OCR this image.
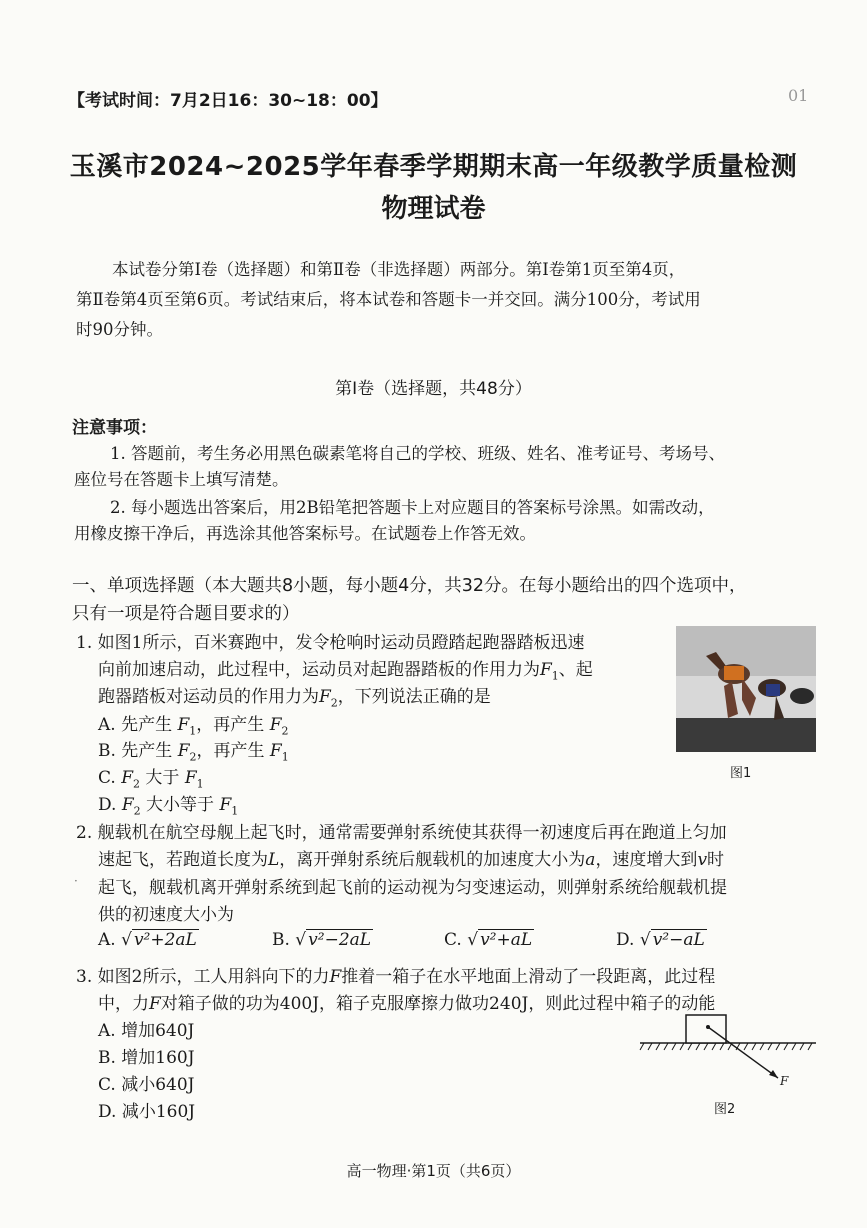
【考试时间：7月2日16：30~18：00】	01
玉溪市2024~2025学年春季学期期末高一年级教学质量检测
物理试卷
本试卷分第Ⅰ卷（选择题）和第Ⅱ卷（非选择题）两部分。第Ⅰ卷第1页至第4页，
第Ⅱ卷第4页至第6页。考试结束后，将本试卷和答题卡一并交回。满分100分，考试用
时90分钟。
第Ⅰ卷（选择题，共48分）
注意事项：
1. 答题前，考生务必用黑色碳素笔将自己的学校、班级、姓名、准考证号、考场号、
座位号在答题卡上填写清楚。
2. 每小题选出答案后，用2B铅笔把答题卡上对应题目的答案标号涂黑。如需改动，
用橡皮擦干净后，再选涂其他答案标号。在试题卷上作答无效。
一、单项选择题（本大题共8小题，每小题4分，共32分。在每小题给出的四个选项中，
只有一项是符合题目要求的）
1. 如图1所示，百米赛跑中，发令枪响时运动员蹬踏起跑器踏板迅速
向前加速启动，此过程中，运动员对起跑器踏板的作用力为$F_1$、起
跑器踏板对运动员的作用力为$F_2$，下列说法正确的是
A. 先产生 $F_1$，再产生 $F_2$
B. 先产生 $F_2$，再产生 $F_1$
C. $F_2$ 大于 $F_1$
D. $F_2$ 大小等于 $F_1$
图1
2. 舰载机在航空母舰上起飞时，通常需要弹射系统使其获得一初速度后再在跑道上匀加
速起飞，若跑道长度为L，离开弹射系统后舰载机的加速度大小为a，速度增大到v时
· 起飞，舰载机离开弹射系统到起飞前的运动视为匀变速运动，则弹射系统给舰载机提
供的初速度大小为
A. √ v²+2aL	B. √ v²−2aL	C. √ v²+aL	D. √ v²−aL
3. 如图2所示，工人用斜向下的力F推着一箱子在水平地面上滑动了一段距离，此过程
中，力F对箱子做的功为400J，箱子克服摩擦力做功240J，则此过程中箱子的动能
A. 增加640J
B. 增加160J
C. 减小640J
D. 减小160J
F
图2
高一物理·第1页（共6页）
